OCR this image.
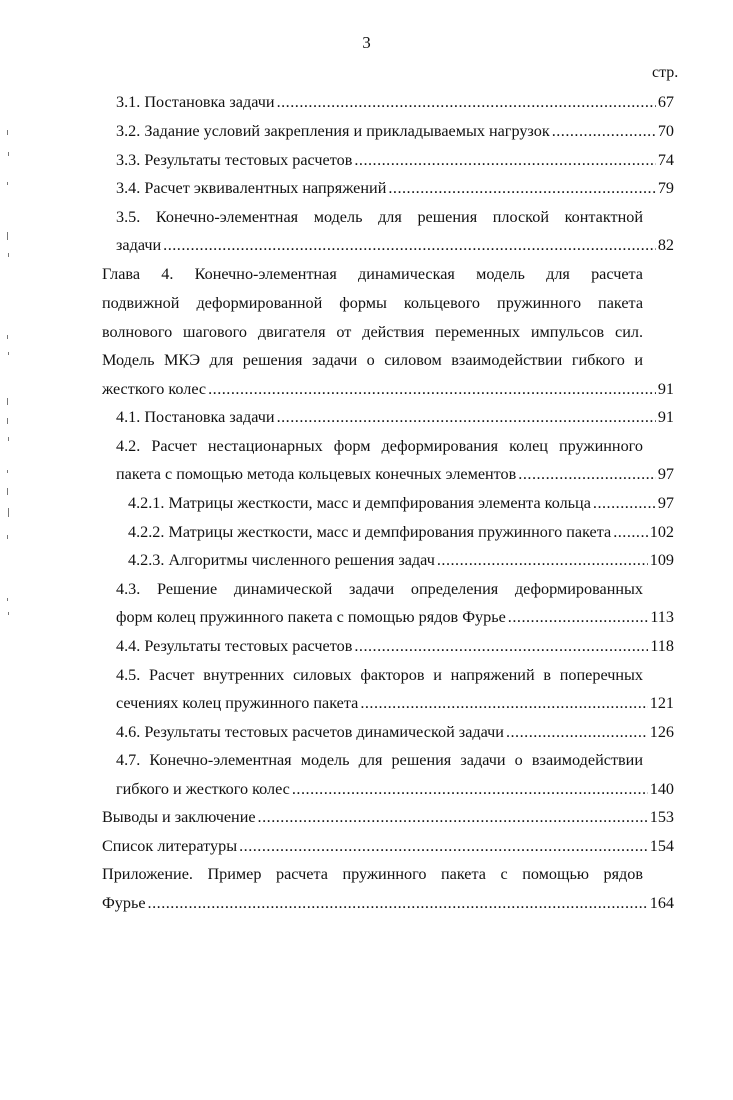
3
стр.
3.1. Постановка задачи .....	67
3.2. Задание условий закрепления и прикладываемых нагрузок .....	70
3.3. Результаты тестовых расчетов .....	74
3.4. Расчет эквивалентных напряжений .....	79
3.5. Конечно-элементная модель для решения плоской контактной
задачи .....	82
Глава 4. Конечно-элементная динамическая модель для расчета
подвижной деформированной формы кольцевого пружинного пакета
волнового шагового двигателя от действия переменных импульсов сил.
Модель МКЭ для решения задачи о силовом взаимодействии гибкого и
жесткого колес .....	91
4.1. Постановка задачи .....	91
4.2. Расчет нестационарных форм деформирования колец пружинного
пакета с помощью метода кольцевых конечных элементов .....	97
4.2.1. Матрицы жесткости, масс и демпфирования элемента кольца .....	97
4.2.2. Матрицы жесткости, масс и демпфирования пружинного пакета ..... 102
4.2.3. Алгоритмы численного решения задач .....	109
4.3. Решение динамической задачи определения деформированных
форм колец пружинного пакета с помощью рядов Фурье .....	113
4.4. Результаты тестовых расчетов .....	118
4.5. Расчет внутренних силовых факторов и напряжений в поперечных
сечениях колец пружинного пакета .....	121
4.6. Результаты тестовых расчетов динамической задачи .....	126
4.7. Конечно-элементная модель для решения задачи о взаимодействии
гибкого и жесткого колес .....	140
Выводы и заключение .....	153
Список литературы .....	154
Приложение. Пример расчета пружинного пакета с помощью рядов
Фурье .....	164
